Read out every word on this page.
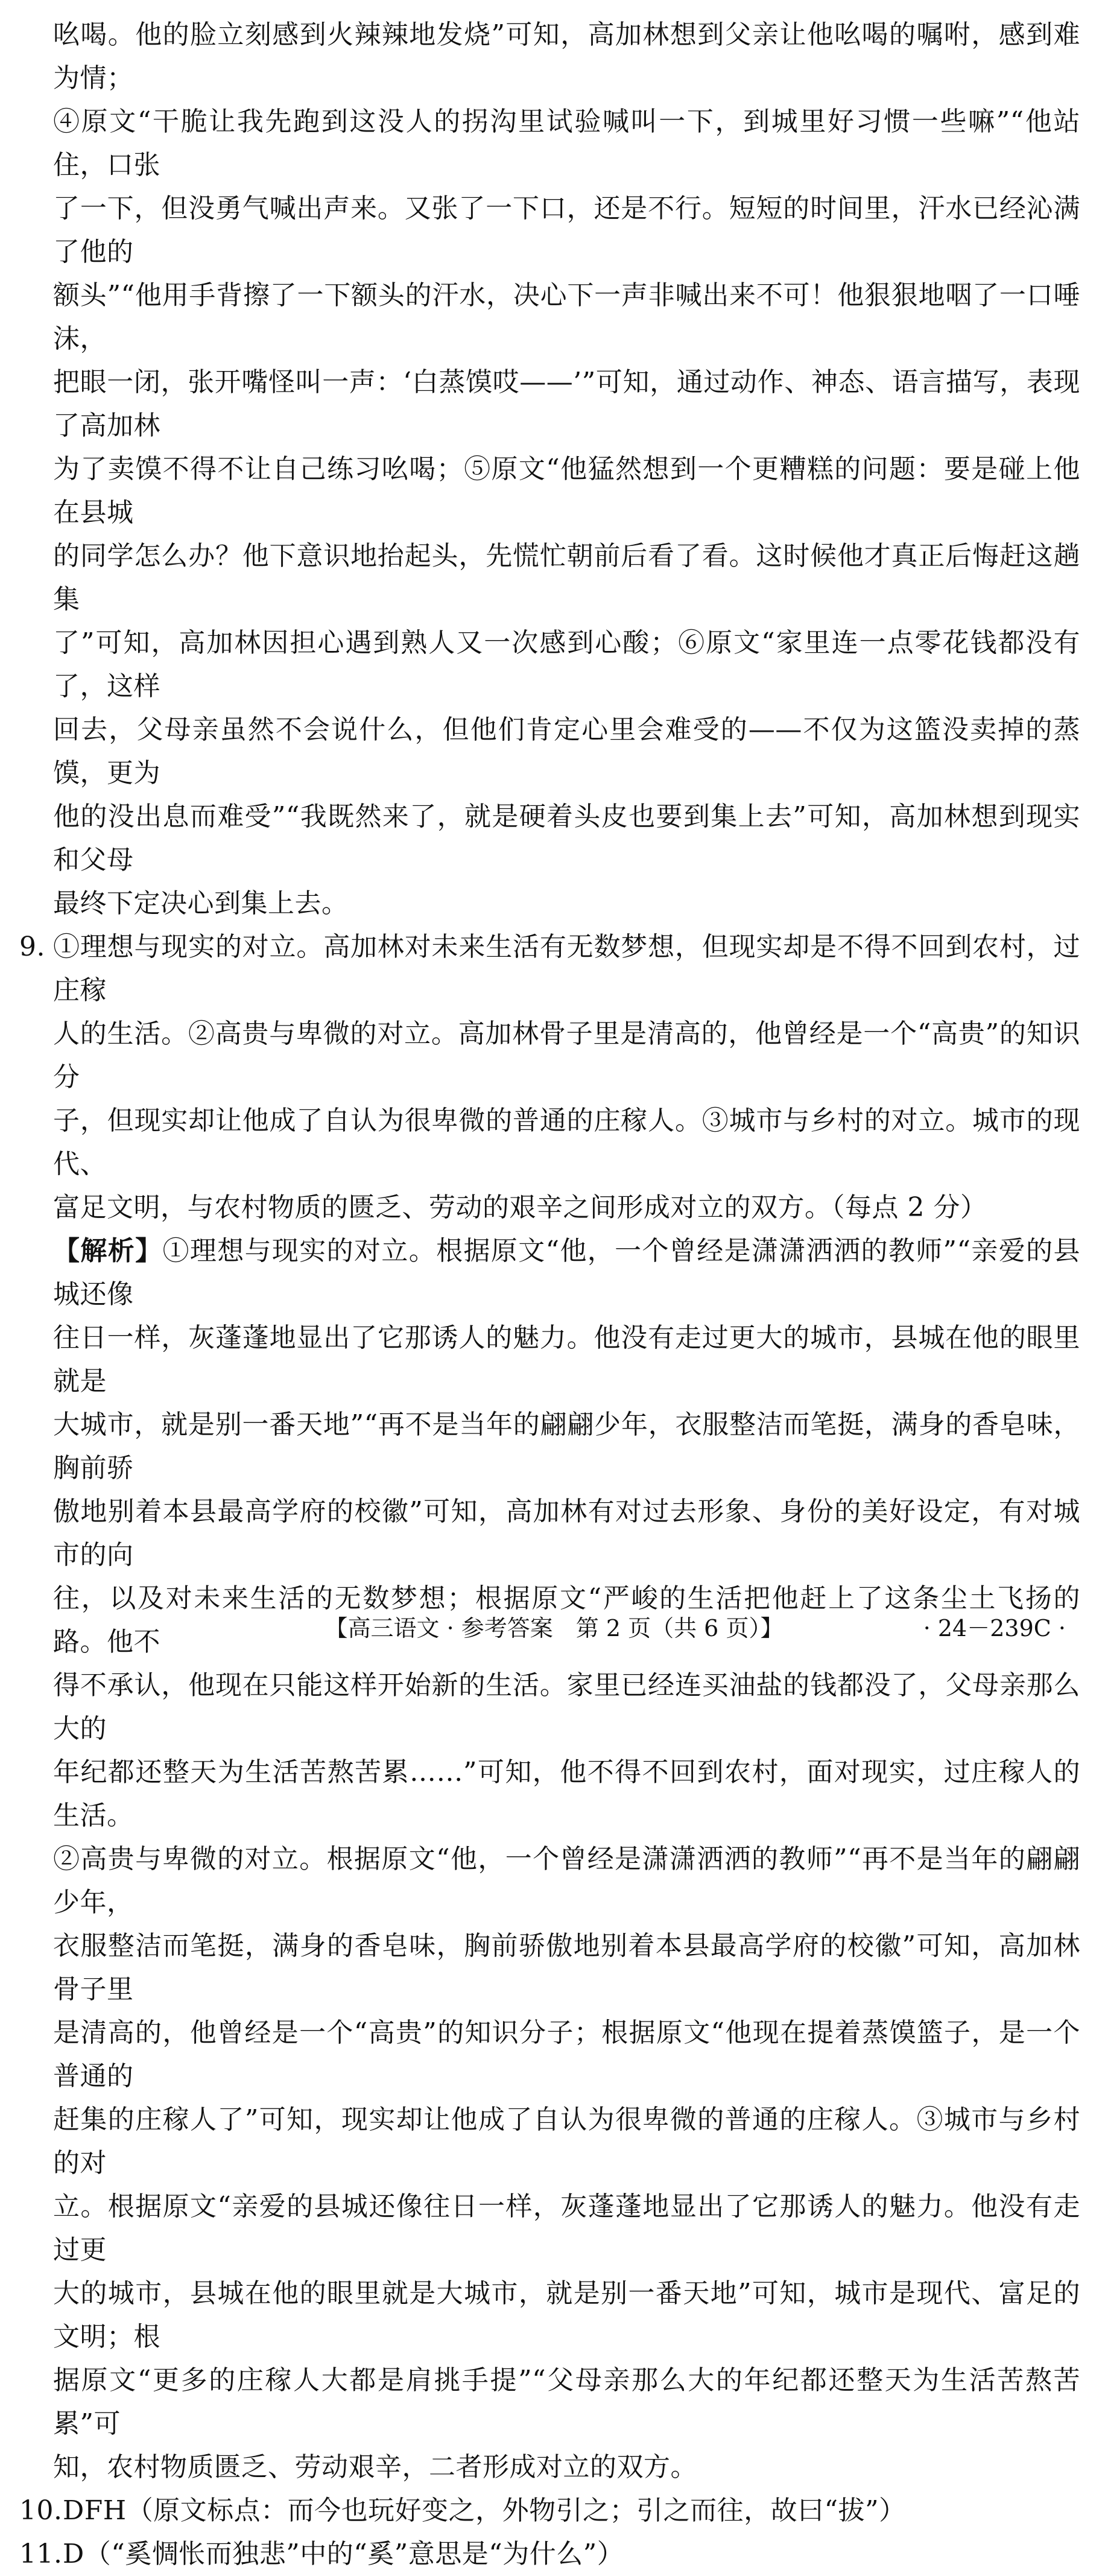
吆喝。他的脸立刻感到火辣辣地发烧”可知，高加林想到父亲让他吆喝的嘱咐，感到难为情；

④原文“干脆让我先跑到这没人的拐沟里试验喊叫一下，到城里好习惯一些嘛”“他站住，口张

了一下，但没勇气喊出声来。又张了一下口，还是不行。短短的时间里，汗水已经沁满了他的

额头”“他用手背擦了一下额头的汗水，决心下一声非喊出来不可！他狠狠地咽了一口唾沫，

把眼一闭，张开嘴怪叫一声：‘白蒸馍哎——’”可知，通过动作、神态、语言描写，表现了高加林

为了卖馍不得不让自己练习吆喝；⑤原文“他猛然想到一个更糟糕的问题：要是碰上他在县城

的同学怎么办？他下意识地抬起头，先慌忙朝前后看了看。这时候他才真正后悔赶这趟集

了”可知，高加林因担心遇到熟人又一次感到心酸；⑥原文“家里连一点零花钱都没有了，这样

回去，父母亲虽然不会说什么，但他们肯定心里会难受的——不仅为这篮没卖掉的蒸馍，更为

他的没出息而难受”“我既然来了，就是硬着头皮也要到集上去”可知，高加林想到现实和父母

最终下定决心到集上去。

9. ①理想与现实的对立。高加林对未来生活有无数梦想，但现实却是不得不回到农村，过庄稼

人的生活。②高贵与卑微的对立。高加林骨子里是清高的，他曾经是一个“高贵”的知识分

子，但现实却让他成了自认为很卑微的普通的庄稼人。③城市与乡村的对立。城市的现代、

富足文明，与农村物质的匮乏、劳动的艰辛之间形成对立的双方。（每点 2 分）

【解析】①理想与现实的对立。根据原文“他，一个曾经是潇潇洒洒的教师”“亲爱的县城还像

往日一样，灰蓬蓬地显出了它那诱人的魅力。他没有走过更大的城市，县城在他的眼里就是

大城市，就是别一番天地”“再不是当年的翩翩少年，衣服整洁而笔挺，满身的香皂味，胸前骄

傲地别着本县最高学府的校徽”可知，高加林有对过去形象、身份的美好设定，有对城市的向

往，以及对未来生活的无数梦想；根据原文“严峻的生活把他赶上了这条尘土飞扬的路。他不

得不承认，他现在只能这样开始新的生活。家里已经连买油盐的钱都没了，父母亲那么大的

年纪都还整天为生活苦熬苦累……”可知，他不得不回到农村，面对现实，过庄稼人的生活。

②高贵与卑微的对立。根据原文“他，一个曾经是潇潇洒洒的教师”“再不是当年的翩翩少年，

衣服整洁而笔挺，满身的香皂味，胸前骄傲地别着本县最高学府的校徽”可知，高加林骨子里

是清高的，他曾经是一个“高贵”的知识分子；根据原文“他现在提着蒸馍篮子，是一个普通的

赶集的庄稼人了”可知，现实却让他成了自认为很卑微的普通的庄稼人。③城市与乡村的对

立。根据原文“亲爱的县城还像往日一样，灰蓬蓬地显出了它那诱人的魅力。他没有走过更

大的城市，县城在他的眼里就是大城市，就是别一番天地”可知，城市是现代、富足的文明；根

据原文“更多的庄稼人大都是肩挑手提”“父母亲那么大的年纪都还整天为生活苦熬苦累”可

知，农村物质匮乏、劳动艰辛，二者形成对立的双方。

10. DFH（原文标点：而今也玩好变之，外物引之；引之而往，故曰“拔”）

11. D（“奚惆怅而独悲”中的“奚”意思是“为什么”）

【高三语文 · 参考答案　第 2 页（共 6 页）】	· 24－239C ·
